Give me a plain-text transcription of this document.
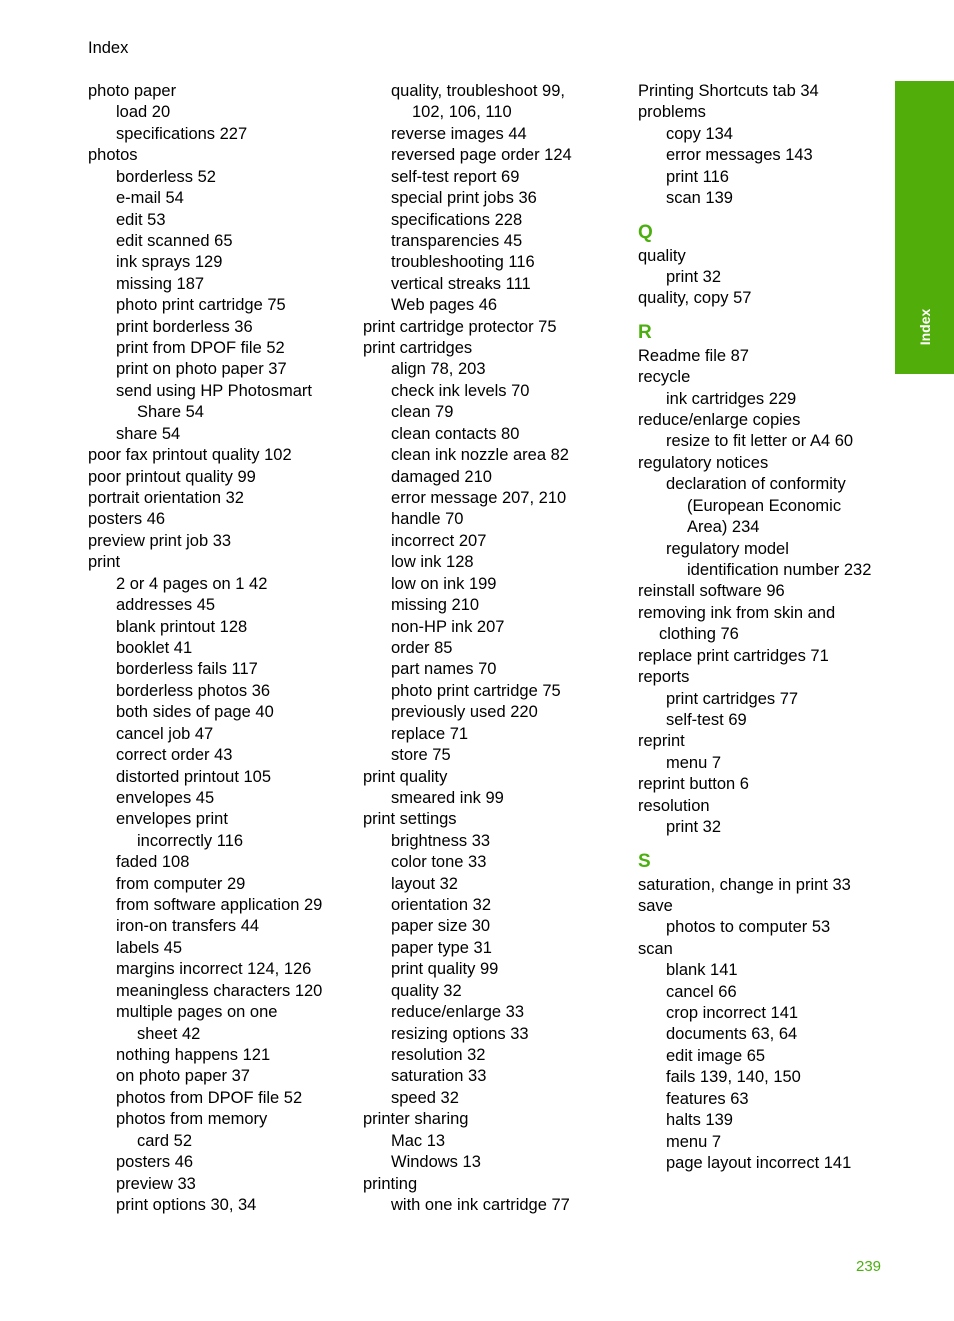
Index
photo paper
load 20
specifications 227
photos
borderless 52
e-mail 54
edit 53
edit scanned 65
ink sprays 129
missing 187
photo print cartridge 75
print borderless 36
print from DPOF file 52
print on photo paper 37
send using HP Photosmart
Share 54
share 54
poor fax printout quality 102
poor printout quality 99
portrait orientation 32
posters 46
preview print job 33
print
2 or 4 pages on 1 42
addresses 45
blank printout 128
booklet 41
borderless fails 117
borderless photos 36
both sides of page 40
cancel job 47
correct order 43
distorted printout 105
envelopes 45
envelopes print
incorrectly 116
faded 108
from computer 29
from software application 29
iron-on transfers 44
labels 45
margins incorrect 124, 126
meaningless characters 120
multiple pages on one
sheet 42
nothing happens 121
on photo paper 37
photos from DPOF file 52
photos from memory
card 52
posters 46
preview 33
print options 30, 34
quality, troubleshoot 99,
102, 106, 110
reverse images 44
reversed page order 124
self-test report 69
special print jobs 36
specifications 228
transparencies 45
troubleshooting 116
vertical streaks 111
Web pages 46
print cartridge protector 75
print cartridges
align 78, 203
check ink levels 70
clean 79
clean contacts 80
clean ink nozzle area 82
damaged 210
error message 207, 210
handle 70
incorrect 207
low ink 128
low on ink 199
missing 210
non-HP ink 207
order 85
part names 70
photo print cartridge 75
previously used 220
replace 71
store 75
print quality
smeared ink 99
print settings
brightness 33
color tone 33
layout 32
orientation 32
paper size 30
paper type 31
print quality 99
quality 32
reduce/enlarge 33
resizing options 33
resolution 32
saturation 33
speed 32
printer sharing
Mac 13
Windows 13
printing
with one ink cartridge 77
Printing Shortcuts tab 34
problems
copy 134
error messages 143
print 116
scan 139
Q
quality
print 32
quality, copy 57
R
Readme file 87
recycle
ink cartridges 229
reduce/enlarge copies
resize to fit letter or A4 60
regulatory notices
declaration of conformity
(European Economic
Area) 234
regulatory model
identification number 232
reinstall software 96
removing ink from skin and
clothing 76
replace print cartridges 71
reports
print cartridges 77
self-test 69
reprint
menu 7
reprint button 6
resolution
print 32
S
saturation, change in print 33
save
photos to computer 53
scan
blank 141
cancel 66
crop incorrect 141
documents 63, 64
edit image 65
fails 139, 140, 150
features 63
halts 139
menu 7
page layout incorrect 141
Index
239
